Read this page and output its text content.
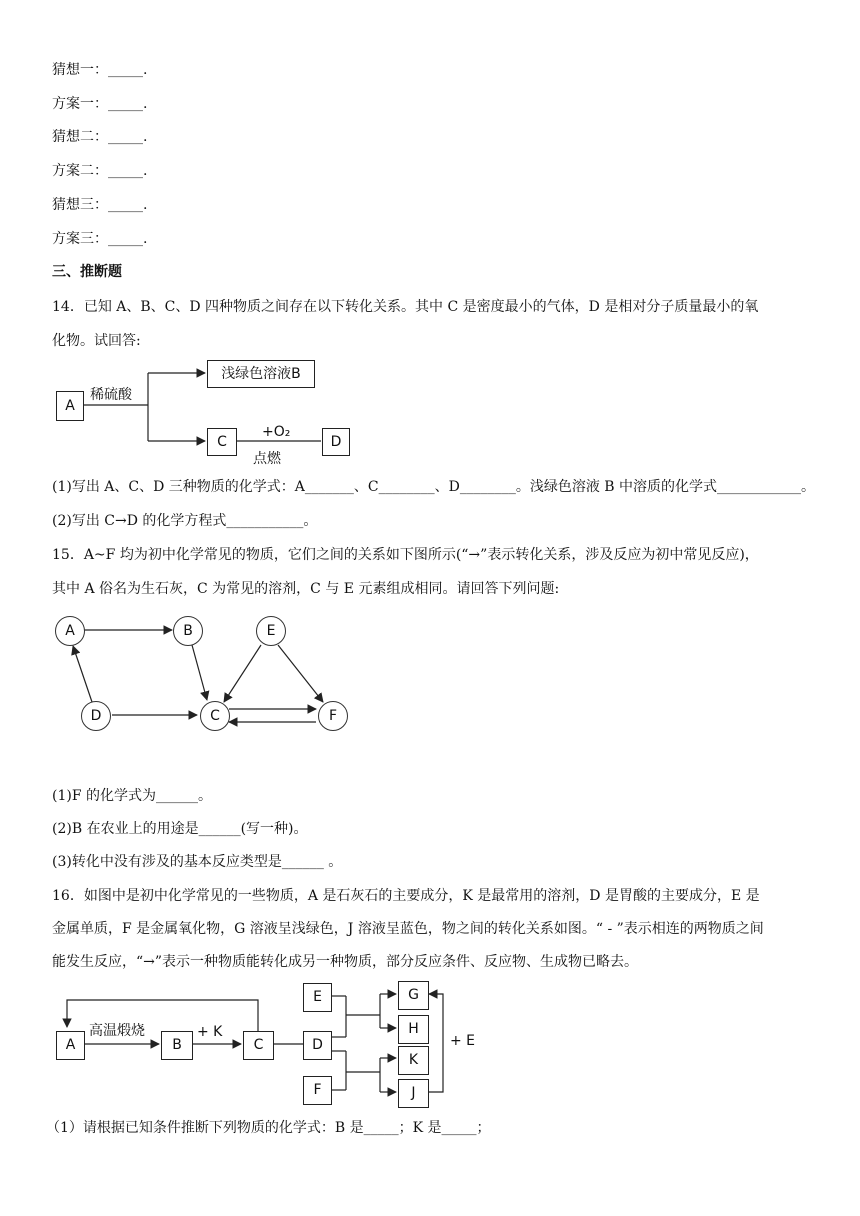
猜想一：_____.
方案一：_____.
猜想二：_____.
方案二：_____.
猜想三：_____.
方案三：_____.
三、推断题
14．已知 A、B、C、D 四种物质之间存在以下转化关系。其中 C 是密度最小的气体，D 是相对分子质量最小的氧
化物。试回答:
A
稀硫酸
浅绿色溶液B
C
+O₂
点燃
D
(1)写出 A、C、D 三种物质的化学式：A_______、C________、D________。浅绿色溶液 B 中溶质的化学式____________。
(2)写出 C→D 的化学方程式___________。
15．A~F 均为初中化学常见的物质，它们之间的关系如下图所示(“→”表示转化关系，涉及反应为初中常见反应)，
其中 A 俗名为生石灰，C 为常见的溶剂，C 与 E 元素组成相同。请回答下列问题:
A	B	E
D	C	F
(1)F 的化学式为______。
(2)B 在农业上的用途是______(写一种)。
(3)转化中没有涉及的基本反应类型是______ 。
16．如图中是初中化学常见的一些物质，A 是石灰石的主要成分，K 是最常用的溶剂，D 是胃酸的主要成分，E 是
金属单质，F 是金属氧化物，G 溶液呈浅绿色，J 溶液呈蓝色，物之间的转化关系如图。“ - ”表示相连的两物质之间
能发生反应，“→”表示一种物质能转化成另一种物质，部分反应条件、反应物、生成物已略去。
A
高温煅烧
B
+ K
C
E
D
F
G
H
K
J
+ E
（1）请根据已知条件推断下列物质的化学式：B 是_____；K 是_____；
